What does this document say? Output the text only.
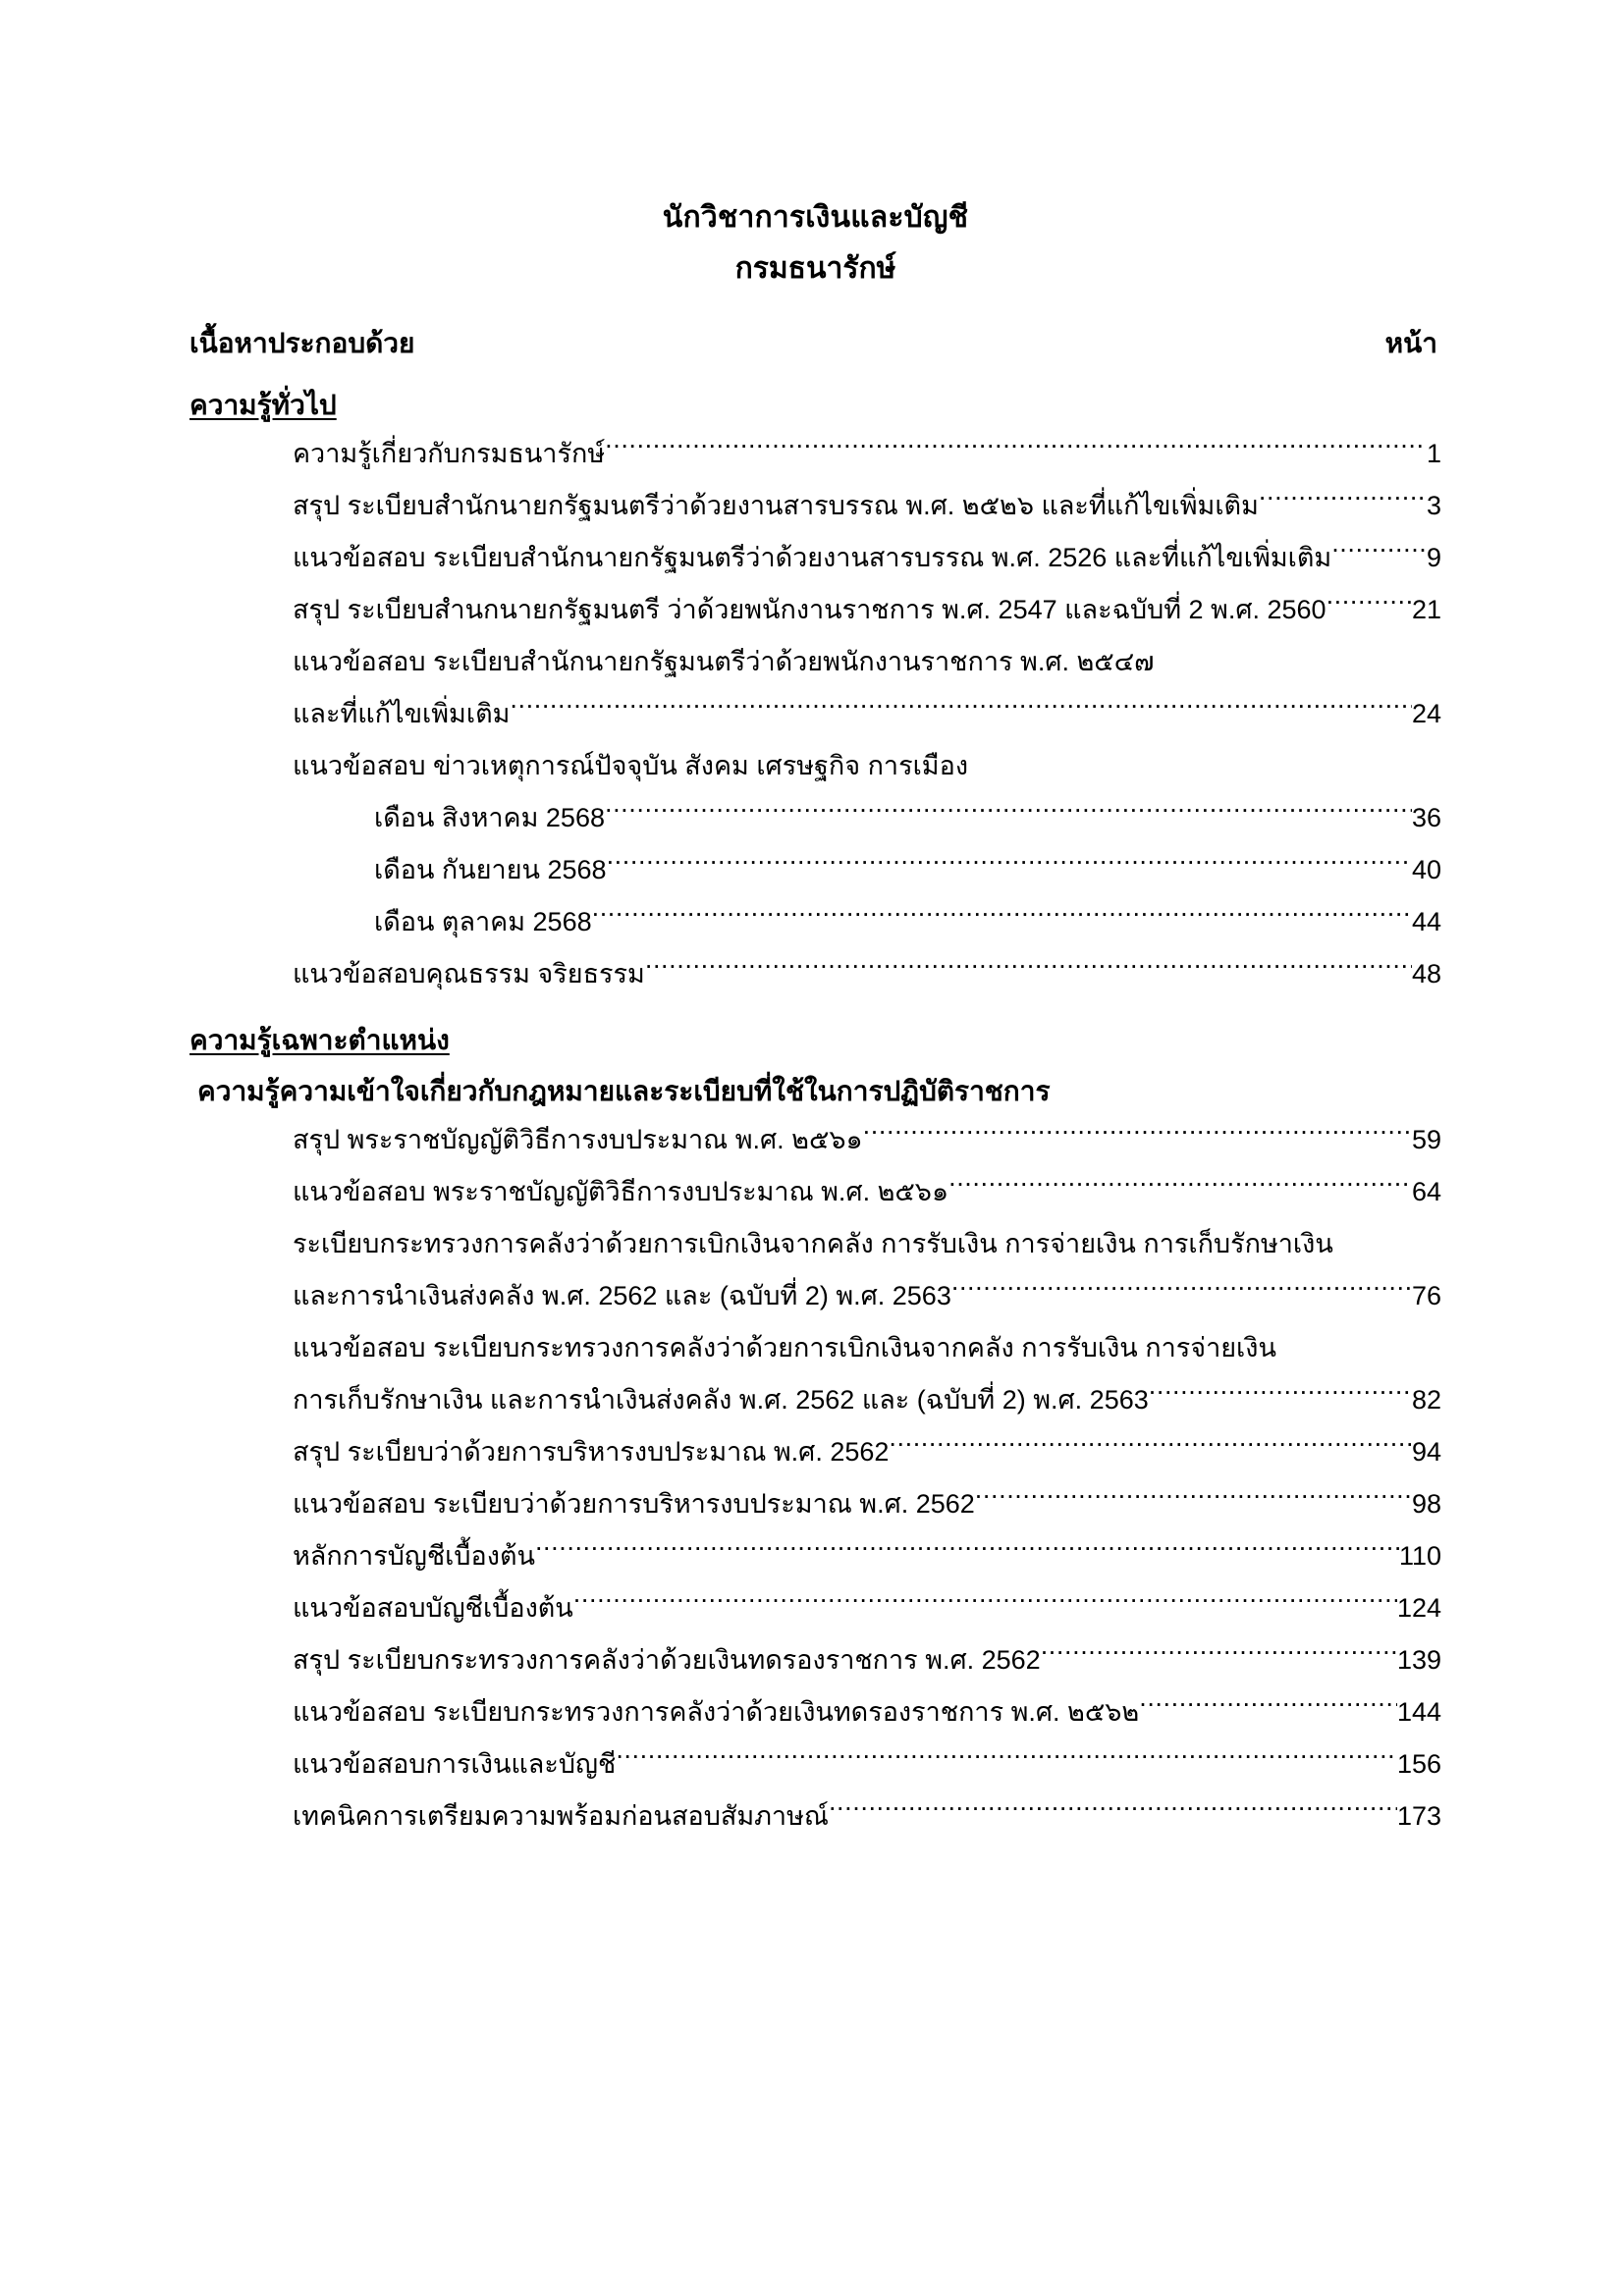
นักวิชาการเงินและบัญชี
กรมธนารักษ์
เนื้อหาประกอบด้วย	หน้า
ความรู้ทั่วไป
ความรู้เกี่ยวกับกรมธนารักษ์ .....	1
สรุป ระเบียบสำนักนายกรัฐมนตรีว่าด้วยงานสารบรรณ พ.ศ. ๒๕๒๖ และที่แก้ไขเพิ่มเติม .....	3
แนวข้อสอบ ระเบียบสำนักนายกรัฐมนตรีว่าด้วยงานสารบรรณ พ.ศ. 2526 และที่แก้ไขเพิ่มเติม .....	9
สรุป ระเบียบสำนกนายกรัฐมนตรี ว่าด้วยพนักงานราชการ พ.ศ. 2547 และฉบับที่ 2 พ.ศ. 2560 .....	21
แนวข้อสอบ ระเบียบสำนักนายกรัฐมนตรีว่าด้วยพนักงานราชการ พ.ศ. ๒๕๔๗
และที่แก้ไขเพิ่มเติม .....	24
แนวข้อสอบ ข่าวเหตุการณ์ปัจจุบัน สังคม เศรษฐกิจ การเมือง
เดือน สิงหาคม 2568 .....	36
เดือน กันยายน 2568 .....	40
เดือน ตุลาคม 2568 .....	44
แนวข้อสอบคุณธรรม จริยธรรม .....	48
ความรู้เฉพาะตำแหน่ง
ความรู้ความเข้าใจเกี่ยวกับกฎหมายและระเบียบที่ใช้ในการปฏิบัติราชการ
สรุป พระราชบัญญัติวิธีการงบประมาณ พ.ศ. ๒๕๖๑ .....	59
แนวข้อสอบ พระราชบัญญัติวิธีการงบประมาณ พ.ศ. ๒๕๖๑ .....	64
ระเบียบกระทรวงการคลังว่าด้วยการเบิกเงินจากคลัง การรับเงิน การจ่ายเงิน การเก็บรักษาเงิน
และการนำเงินส่งคลัง พ.ศ. 2562 และ (ฉบับที่ 2) พ.ศ. 2563 .....	76
แนวข้อสอบ ระเบียบกระทรวงการคลังว่าด้วยการเบิกเงินจากคลัง การรับเงิน การจ่ายเงิน
การเก็บรักษาเงิน และการนำเงินส่งคลัง พ.ศ. 2562 และ (ฉบับที่ 2) พ.ศ. 2563 .....	82
สรุป ระเบียบว่าด้วยการบริหารงบประมาณ พ.ศ. 2562 .....	94
แนวข้อสอบ ระเบียบว่าด้วยการบริหารงบประมาณ พ.ศ. 2562 .....	98
หลักการบัญชีเบื้องต้น .....	110
แนวข้อสอบบัญชีเบื้องต้น .....	124
สรุป ระเบียบกระทรวงการคลังว่าด้วยเงินทดรองราชการ พ.ศ. 2562 .....	139
แนวข้อสอบ ระเบียบกระทรวงการคลังว่าด้วยเงินทดรองราชการ พ.ศ. ๒๕๖๒ .....	144
แนวข้อสอบการเงินและบัญชี .....	156
เทคนิคการเตรียมความพร้อมก่อนสอบสัมภาษณ์ .....	173
